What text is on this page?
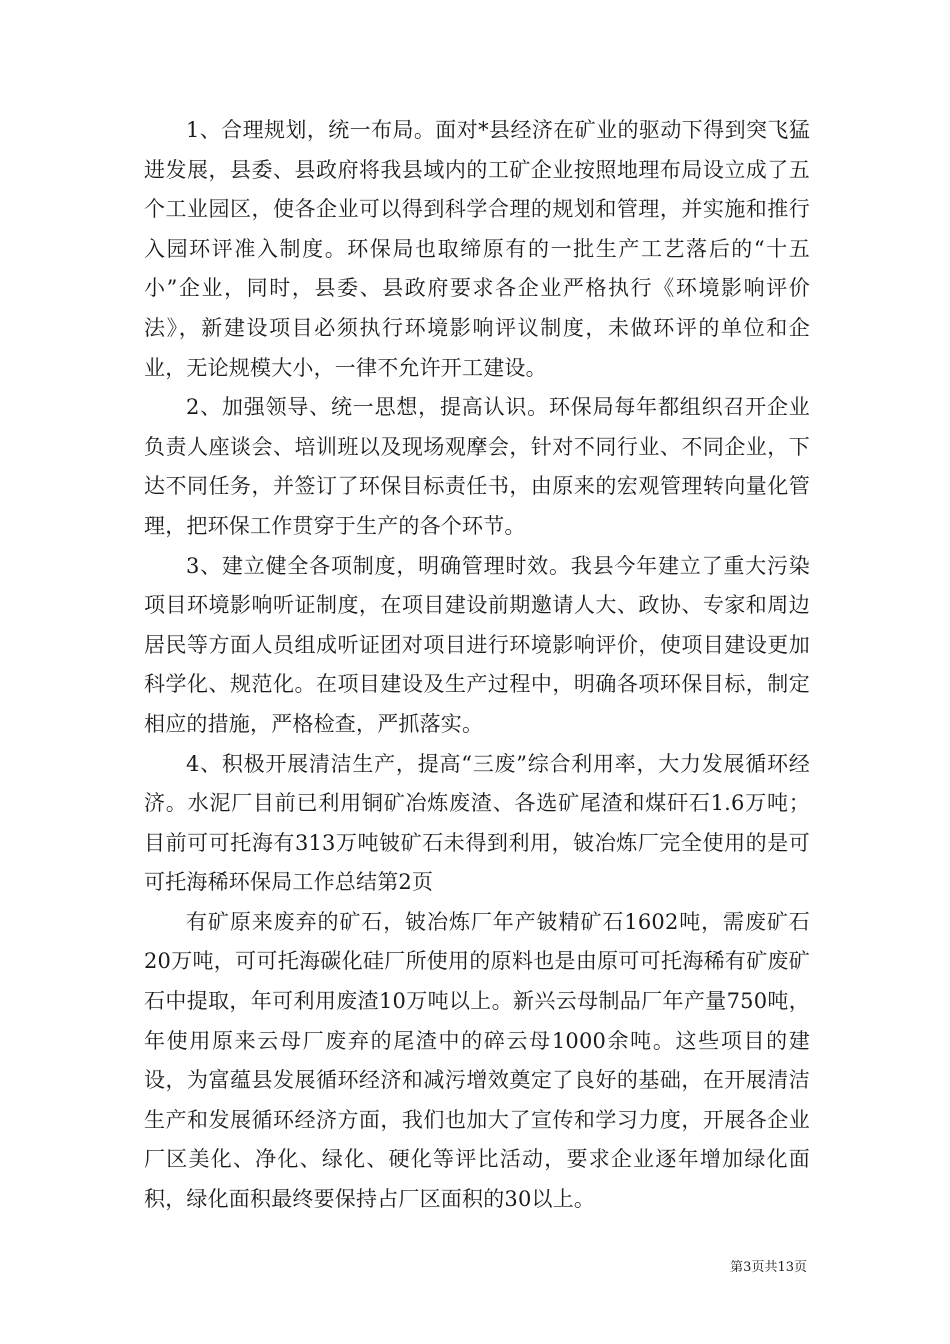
1、合理规划，统一布局。面对*县经济在矿业的驱动下得到突飞猛进发展，县委、县政府将我县域内的工矿企业按照地理布局设立成了五个工业园区，使各企业可以得到科学合理的规划和管理，并实施和推行入园环评准入制度。环保局也取缔原有的一批生产工艺落后的“十五小”企业，同时，县委、县政府要求各企业严格执行《环境影响评价法》，新建设项目必须执行环境影响评议制度，未做环评的单位和企业，无论规模大小，一律不允许开工建设。

2、加强领导、统一思想，提高认识。环保局每年都组织召开企业负责人座谈会、培训班以及现场观摩会，针对不同行业、不同企业，下达不同任务，并签订了环保目标责任书，由原来的宏观管理转向量化管理，把环保工作贯穿于生产的各个环节。

3、建立健全各项制度，明确管理时效。我县今年建立了重大污染项目环境影响听证制度，在项目建设前期邀请人大、政协、专家和周边居民等方面人员组成听证团对项目进行环境影响评价，使项目建设更加科学化、规范化。在项目建设及生产过程中，明确各项环保目标，制定相应的措施，严格检查，严抓落实。

4、积极开展清洁生产，提高“三废”综合利用率，大力发展循环经济。水泥厂目前已利用铜矿冶炼废渣、各选矿尾渣和煤矸石1.6万吨；目前可可托海有313万吨铍矿石未得到利用，铍冶炼厂完全使用的是可可托海稀环保局工作总结第2页

有矿原来废弃的矿石，铍冶炼厂年产铍精矿石1602吨，需废矿石20万吨，可可托海碳化硅厂所使用的原料也是由原可可托海稀有矿废矿石中提取，年可利用废渣10万吨以上。新兴云母制品厂年产量750吨，年使用原来云母厂废弃的尾渣中的碎云母1000余吨。这些项目的建设，为富蕴县发展循环经济和减污增效奠定了良好的基础，在开展清洁生产和发展循环经济方面，我们也加大了宣传和学习力度，开展各企业厂区美化、净化、绿化、硬化等评比活动，要求企业逐年增加绿化面积，绿化面积最终要保持占厂区面积的30以上。

第3页共13页
